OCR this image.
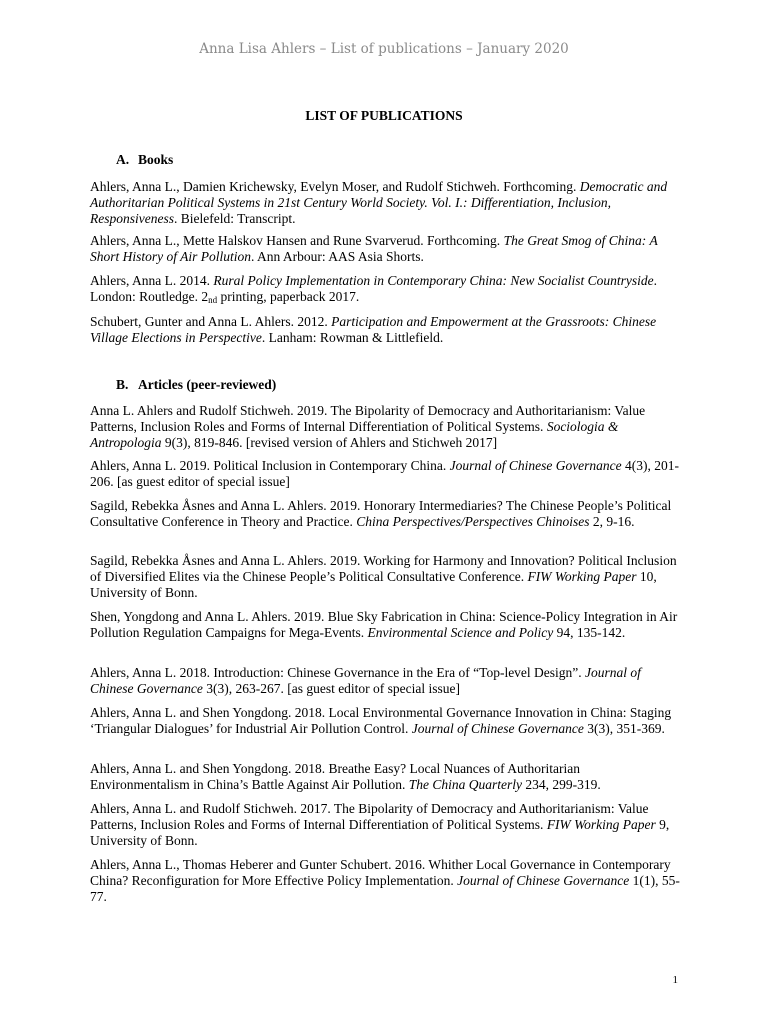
Anna Lisa Ahlers – List of publications – January 2020
LIST OF PUBLICATIONS
A. Books
Ahlers, Anna L., Damien Krichewsky, Evelyn Moser, and Rudolf Stichweh. Forthcoming. Democratic and Authoritarian Political Systems in 21st Century World Society. Vol. I.: Differentiation, Inclusion, Responsiveness. Bielefeld: Transcript.
Ahlers, Anna L., Mette Halskov Hansen and Rune Svarverud. Forthcoming. The Great Smog of China: A Short History of Air Pollution. Ann Arbour: AAS Asia Shorts.
Ahlers, Anna L. 2014. Rural Policy Implementation in Contemporary China: New Socialist Countryside. London: Routledge. $2_{nd}$ printing, paperback 2017.
Schubert, Gunter and Anna L. Ahlers. 2012. Participation and Empowerment at the Grassroots: Chinese Village Elections in Perspective. Lanham: Rowman & Littlefield.
B. Articles (peer-reviewed)
Anna L. Ahlers and Rudolf Stichweh. 2019. The Bipolarity of Democracy and Authoritarianism: Value Patterns, Inclusion Roles and Forms of Internal Differentiation of Political Systems. Sociologia & Antropologia 9(3), 819-846. [revised version of Ahlers and Stichweh 2017]
Ahlers, Anna L. 2019. Political Inclusion in Contemporary China. Journal of Chinese Governance 4(3), 201-206. [as guest editor of special issue]
Sagild, Rebekka Åsnes and Anna L. Ahlers. 2019. Honorary Intermediaries? The Chinese People’s Political Consultative Conference in Theory and Practice. China Perspectives/Perspectives Chinoises 2, 9-16.
Sagild, Rebekka Åsnes and Anna L. Ahlers. 2019. Working for Harmony and Innovation? Political Inclusion of Diversified Elites via the Chinese People’s Political Consultative Conference. FIW Working Paper 10, University of Bonn.
Shen, Yongdong and Anna L. Ahlers. 2019. Blue Sky Fabrication in China: Science-Policy Integration in Air Pollution Regulation Campaigns for Mega-Events. Environmental Science and Policy 94, 135-142.
Ahlers, Anna L. 2018. Introduction: Chinese Governance in the Era of “Top-level Design”. Journal of Chinese Governance 3(3), 263-267. [as guest editor of special issue]
Ahlers, Anna L. and Shen Yongdong. 2018. Local Environmental Governance Innovation in China: Staging ‘Triangular Dialogues’ for Industrial Air Pollution Control. Journal of Chinese Governance 3(3), 351-369.
Ahlers, Anna L. and Shen Yongdong. 2018. Breathe Easy? Local Nuances of Authoritarian Environmentalism in China’s Battle Against Air Pollution. The China Quarterly 234, 299-319.
Ahlers, Anna L. and Rudolf Stichweh. 2017. The Bipolarity of Democracy and Authoritarianism: Value Patterns, Inclusion Roles and Forms of Internal Differentiation of Political Systems. FIW Working Paper 9, University of Bonn.
Ahlers, Anna L., Thomas Heberer and Gunter Schubert. 2016. Whither Local Governance in Contemporary China? Reconfiguration for More Effective Policy Implementation. Journal of Chinese Governance 1(1), 55-77.
1
